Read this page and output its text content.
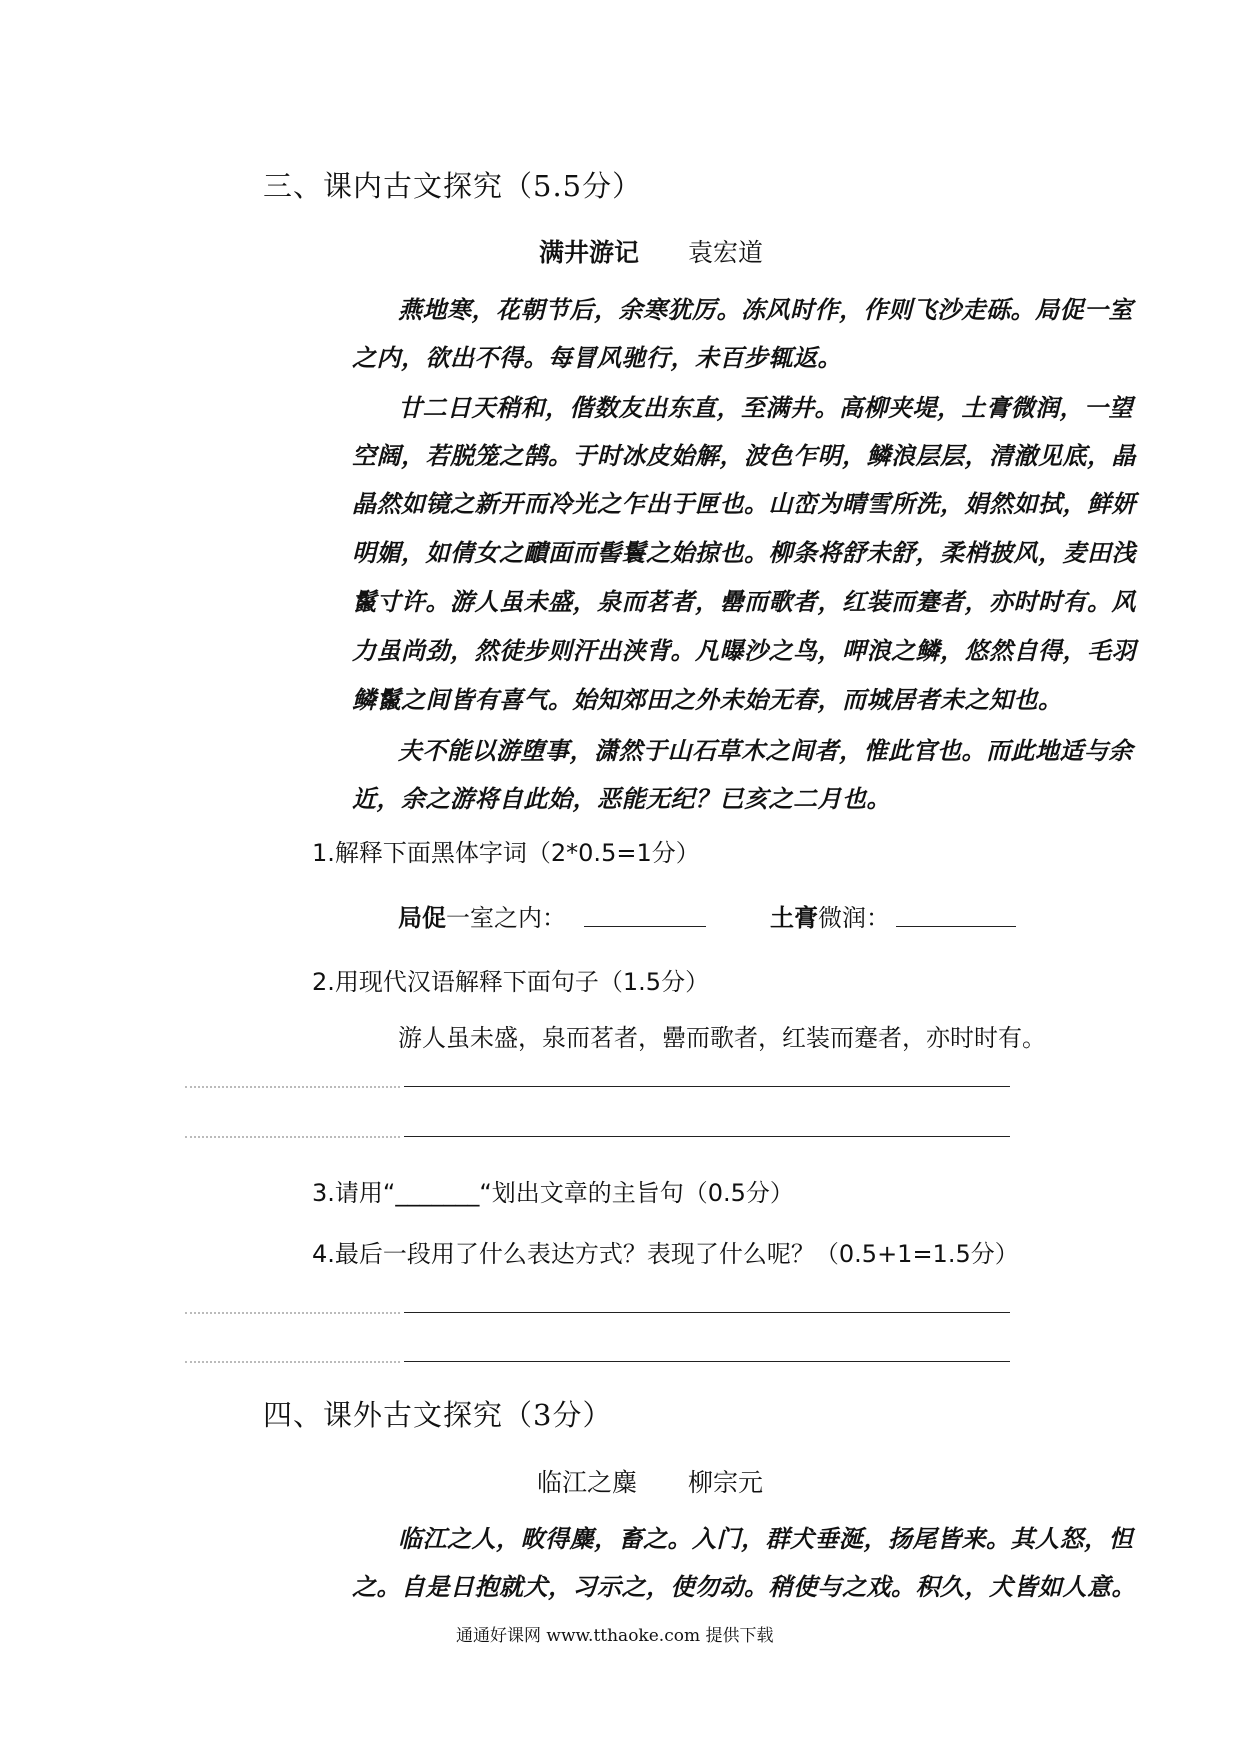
三、课内古文探究（5.5分）
满井游记 袁宏道
燕地寒，花朝节后，余寒犹厉。冻风时作，作则飞沙走砾。局促一室
之内，欲出不得。每冒风驰行，未百步辄返。
廿二日天稍和，偕数友出东直，至满井。高柳夹堤，土膏微润，一望
空阔，若脱笼之鹄。于时冰皮始解，波色乍明，鳞浪层层，清澈见底，晶
晶然如镜之新开而冷光之乍出于匣也。山峦为晴雪所洗，娟然如拭，鲜妍
明媚，如倩女之靧面而髻鬟之始掠也。柳条将舒未舒，柔梢披风，麦田浅
鬣寸许。游人虽未盛，泉而茗者，罍而歌者，红装而蹇者，亦时时有。风
力虽尚劲，然徒步则汗出浃背。凡曝沙之鸟，呷浪之鳞，悠然自得，毛羽
鳞鬣之间皆有喜气。始知郊田之外未始无春，而城居者未之知也。
夫不能以游堕事，潇然于山石草木之间者，惟此官也。而此地适与余
近，余之游将自此始，恶能无纪？已亥之二月也。
1.解释下面黑体字词（2*0.5=1分）
局促一室之内：	土膏微润：
2.用现代汉语解释下面句子（1.5分）
游人虽未盛，泉而茗者，罍而歌者，红装而蹇者，亦时时有。
3.请用“_______“划出文章的主旨句（0.5分）
4.最后一段用了什么表达方式？表现了什么呢？（0.5+1=1.5分）
四、课外古文探究（3分）
临江之麋 柳宗元
临江之人，畋得麋，畜之。入门，群犬垂涎，扬尾皆来。其人怒，怛
之。自是日抱就犬，习示之，使勿动。稍使与之戏。积久，犬皆如人意。
通通好课网 www.tthaoke.com 提供下载
